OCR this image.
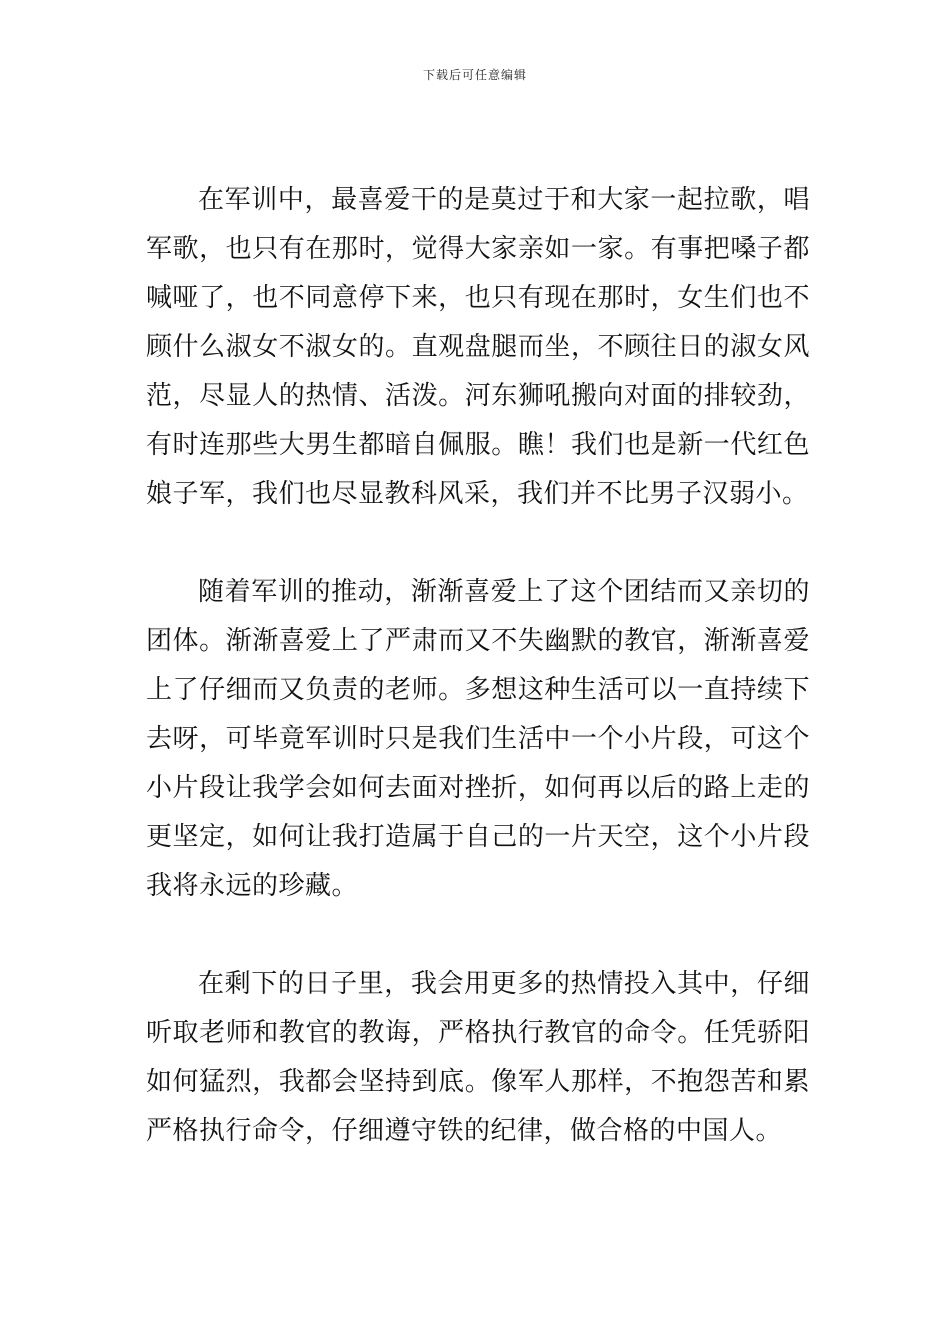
下载后可任意编辑

在军训中，最喜爱干的是莫过于和大家一起拉歌，唱军歌，也只有在那时，觉得大家亲如一家。有事把嗓子都喊哑了，也不同意停下来，也只有现在那时，女生们也不顾什么淑女不淑女的。直观盘腿而坐，不顾往日的淑女风范，尽显人的热情、活泼。河东狮吼搬向对面的排较劲，有时连那些大男生都暗自佩服。瞧！我们也是新一代红色娘子军，我们也尽显教科风采，我们并不比男子汉弱小。

随着军训的推动，渐渐喜爱上了这个团结而又亲切的团体。渐渐喜爱上了严肃而又不失幽默的教官，渐渐喜爱上了仔细而又负责的老师。多想这种生活可以一直持续下去呀，可毕竟军训时只是我们生活中一个小片段，可这个小片段让我学会如何去面对挫折，如何再以后的路上走的更坚定，如何让我打造属于自己的一片天空，这个小片段我将永远的珍藏。

在剩下的日子里，我会用更多的热情投入其中，仔细听取老师和教官的教诲，严格执行教官的命令。任凭骄阳如何猛烈，我都会坚持到底。像军人那样，不抱怨苦和累严格执行命令，仔细遵守铁的纪律，做合格的中国人。
